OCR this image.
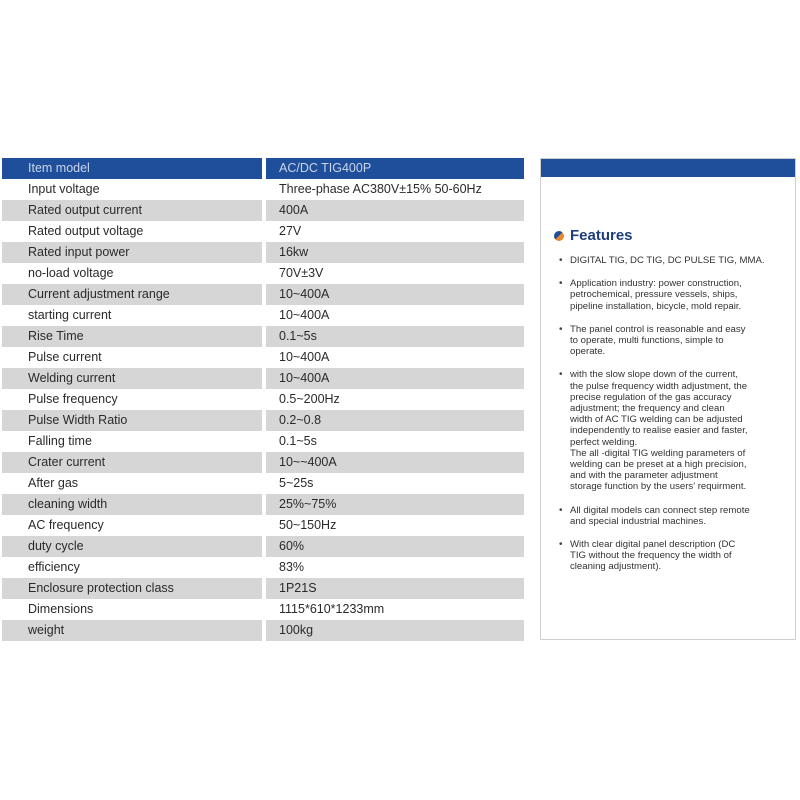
Item model	AC/DC TIG400P
Input voltage	Three-phase AC380V±15% 50-60Hz
Rated output current	400A
Rated output voltage	27V
Rated input power	16kw
no-load voltage	70V±3V
Current adjustment range	10~400A
starting current	10~400A
Rise Time	0.1~5s
Pulse current	10~400A
Welding current	10~400A
Pulse frequency	0.5~200Hz
Pulse Width Ratio	0.2~0.8
Falling time	0.1~5s
Crater current	10~~400A
After gas	5~25s
cleaning width	25%~75%
AC frequency	50~150Hz
duty cycle	60%
efficiency	83%
Enclosure protection class	1P21S
Dimensions	1115*610*1233mm
weight	100kg
Features
• DIGITAL TIG, DC TIG, DC PULSE TIG, MMA.
• Application industry: power construction,
petrochemical, pressure vessels, ships,
pipeline installation, bicycle, mold repair.
• The panel control is reasonable and easy
to operate, multi functions, simple to
operate.
• with the slow slope down of the current,
the pulse frequency width adjustment, the
precise regulation of the gas accuracy
adjustment; the frequency and clean
width of AC TIG welding can be adjusted
independently to realise easier and faster,
perfect welding.
The all -digital TIG welding parameters of
welding can be preset at a high precision,
and with the parameter adjustment
storage function by the users' requirment.
• All digital models can connect step remote
and special industrial machines.
• With clear digital panel description (DC
TIG without the frequency the width of
cleaning adjustment).
